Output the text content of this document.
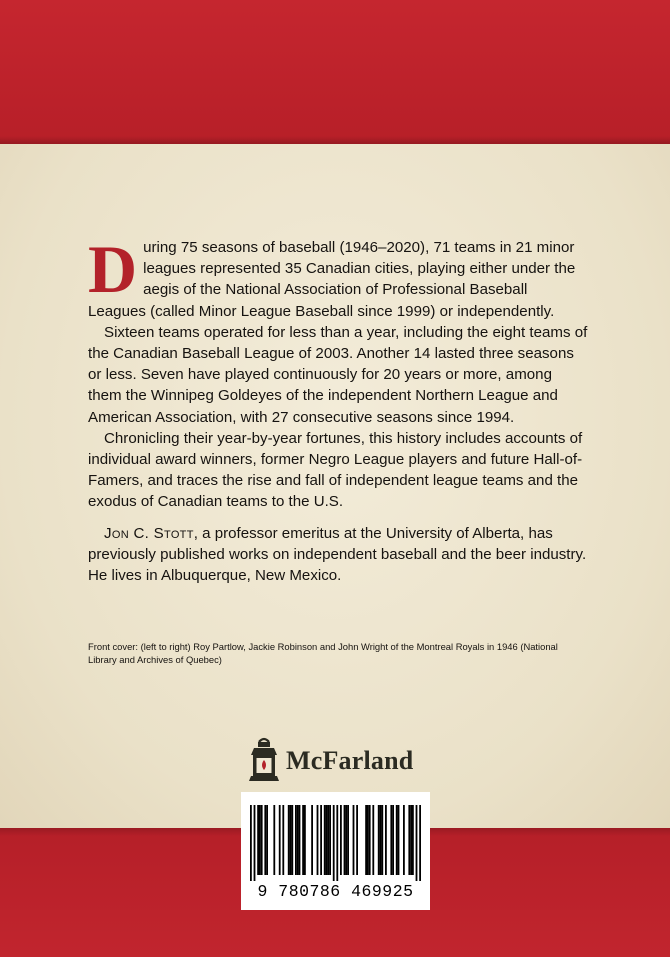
During 75 seasons of baseball (1946–2020), 71 teams in 21 minor leagues represented 35 Canadian cities, playing either under the aegis of the National Association of Professional Baseball Leagues (called Minor League Baseball since 1999) or independently.

Sixteen teams operated for less than a year, including the eight teams of the Canadian Baseball League of 2003. Another 14 lasted three seasons or less. Seven have played continuously for 20 years or more, among them the Winnipeg Goldeyes of the independent Northern League and American Association, with 27 consecutive seasons since 1994.

Chronicling their year-by-year fortunes, this history includes accounts of individual award winners, former Negro League players and future Hall-of-Famers, and traces the rise and fall of independent league teams and the exodus of Canadian teams to the U.S.

Jon C. Stott, a professor emeritus at the University of Alberta, has previously published works on independent baseball and the beer industry. He lives in Albuquerque, New Mexico.

Front cover: (left to right) Roy Partlow, Jackie Robinson and John Wright of the Montreal Royals in 1946 (National Library and Archives of Quebec)
McFarland
9 780786 469925
